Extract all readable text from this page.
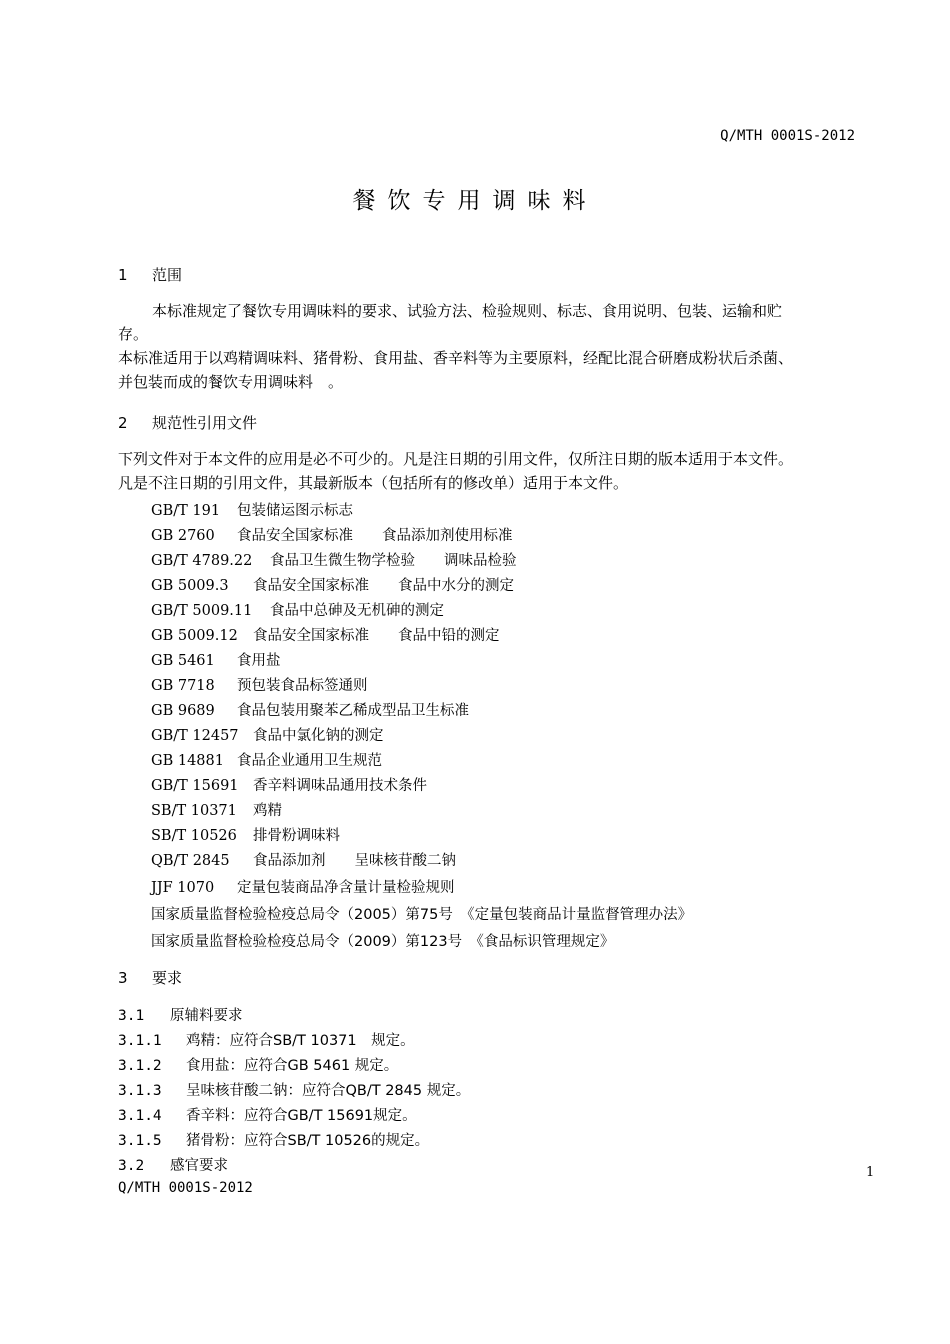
Q/MTH 0001S-2012
餐饮专用调味料
1 范围
本标准规定了餐饮专用调味料的要求、试验方法、检验规则、标志、食用说明、包装、运输和贮
存。
本标准适用于以鸡精调味料、猪骨粉、食用盐、香辛料等为主要原料，经配比混合研磨成粉状后杀菌、
并包装而成的餐饮专用调味料　。
2 规范性引用文件
下列文件对于本文件的应用是必不可少的。凡是注日期的引用文件，仅所注日期的版本适用于本文件。
凡是不注日期的引用文件，其最新版本（包括所有的修改单）适用于本文件。
GB/T 191 包装储运图示标志
GB 2760 食品安全国家标准　　食品添加剂使用标准
GB/T 4789.22 食品卫生微生物学检验　　调味品检验
GB 5009.3 食品安全国家标准　　食品中水分的测定
GB/T 5009.11 食品中总砷及无机砷的测定
GB 5009.12 食品安全国家标准　　食品中铅的测定
GB 5461 食用盐
GB 7718 预包装食品标签通则
GB 9689 食品包装用聚苯乙稀成型品卫生标准
GB/T 12457 食品中氯化钠的测定
GB 14881 食品企业通用卫生规范
GB/T 15691 香辛料调味品通用技术条件
SB/T 10371 鸡精
SB/T 10526 排骨粉调味料
QB/T 2845 食品添加剂　　呈味核苷酸二钠
JJF 1070 定量包装商品净含量计量检验规则
国家质量监督检验检疫总局令（2005）第75号　《定量包装商品计量监督管理办法》
国家质量监督检验检疫总局令（2009）第123号　《食品标识管理规定》
3 要求
3.1 原辅料要求
3.1.1 鸡精：应符合SB/T 10371　规定。
3.1.2 食用盐：应符合GB 5461 规定。
3.1.3 呈味核苷酸二钠：应符合QB/T 2845 规定。
3.1.4 香辛料：应符合GB/T 15691规定。
3.1.5 猪骨粉：应符合SB/T 10526的规定。
3.2 感官要求	1
Q/MTH 0001S-2012
